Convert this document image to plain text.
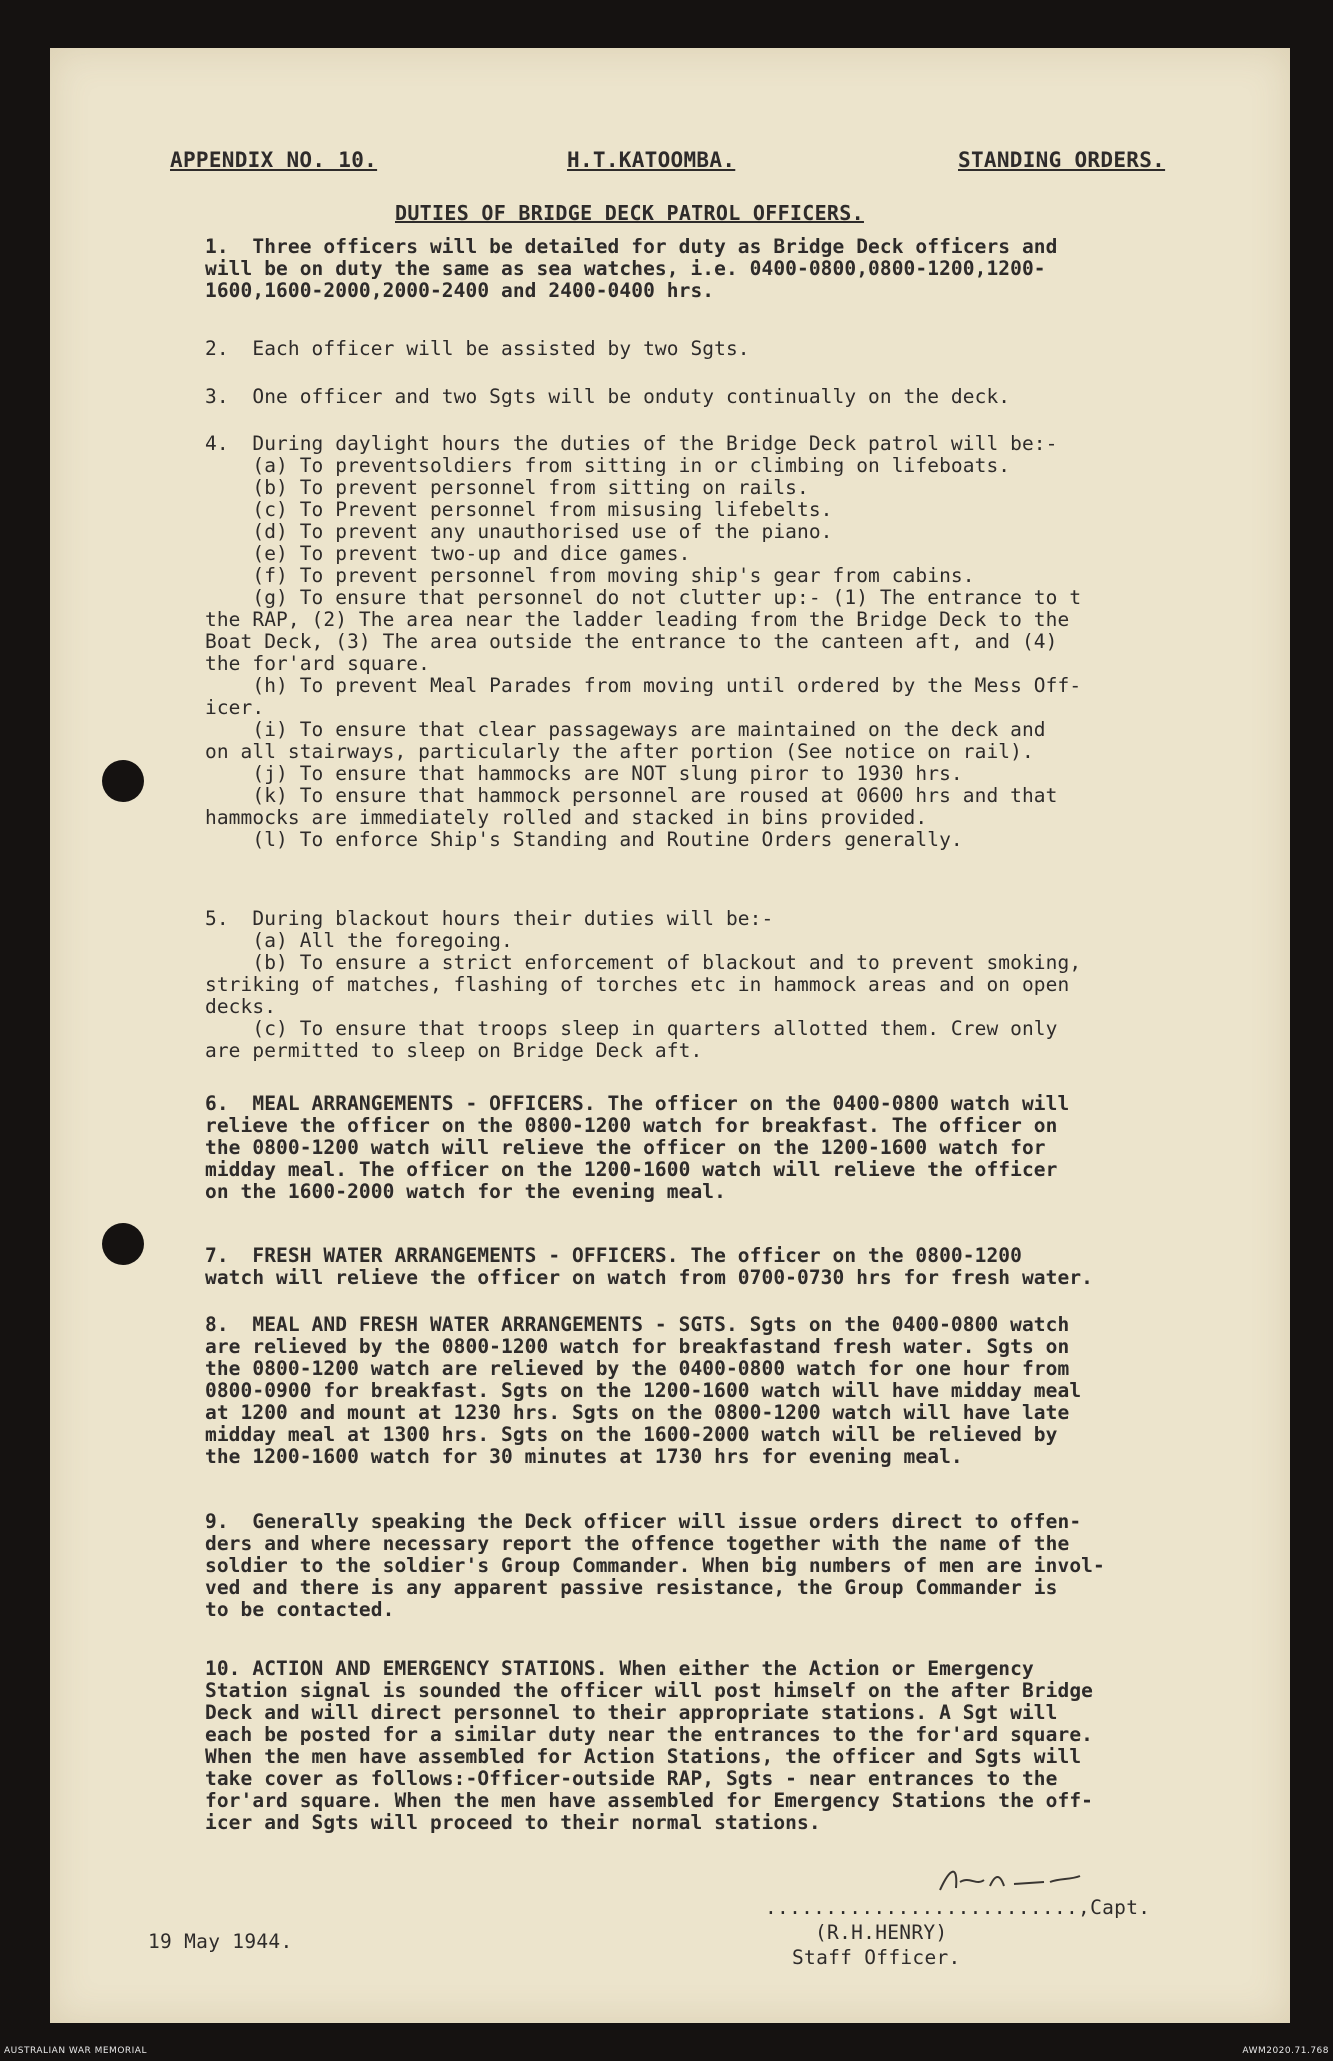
APPENDIX NO. 10.	H.T.KATOOMBA.	STANDING ORDERS.
DUTIES OF BRIDGE DECK PATROL OFFICERS.
1.  Three officers will be detailed for duty as Bridge Deck officers and
will be on duty the same as sea watches, i.e. 0400-0800,0800-1200,1200-
1600,1600-2000,2000-2400 and 2400-0400 hrs.
2.  Each officer will be assisted by two Sgts.
3.  One officer and two Sgts will be onduty continually on the deck.
4.  During daylight hours the duties of the Bridge Deck patrol will be:-
(a) To preventsoldiers from sitting in or climbing on lifeboats.
(b) To prevent personnel from sitting on rails.
(c) To Prevent personnel from misusing lifebelts.
(d) To prevent any unauthorised use of the piano.
(e) To prevent two-up and dice games.
(f) To prevent personnel from moving ship's gear from cabins.
(g) To ensure that personnel do not clutter up:- (1) The entrance to t
the RAP, (2) The area near the ladder leading from the Bridge Deck to the
Boat Deck, (3) The area outside the entrance to the canteen aft, and (4)
the for'ard square.
(h) To prevent Meal Parades from moving until ordered by the Mess Off-
icer.
(i) To ensure that clear passageways are maintained on the deck and
on all stairways, particularly the after portion (See notice on rail).
(j) To ensure that hammocks are NOT slung piror to 1930 hrs.
(k) To ensure that hammock personnel are roused at 0600 hrs and that
hammocks are immediately rolled and stacked in bins provided.
(l) To enforce Ship's Standing and Routine Orders generally.
5.  During blackout hours their duties will be:-
(a) All the foregoing.
(b) To ensure a strict enforcement of blackout and to prevent smoking,
striking of matches, flashing of torches etc in hammock areas and on open
decks.
(c) To ensure that troops sleep in quarters allotted them. Crew only
are permitted to sleep on Bridge Deck aft.
6.  MEAL ARRANGEMENTS - OFFICERS. The officer on the 0400-0800 watch will
relieve the officer on the 0800-1200 watch for breakfast. The officer on
the 0800-1200 watch will relieve the officer on the 1200-1600 watch for
midday meal. The officer on the 1200-1600 watch will relieve the officer
on the 1600-2000 watch for the evening meal.
7.  FRESH WATER ARRANGEMENTS - OFFICERS. The officer on the 0800-1200
watch will relieve the officer on watch from 0700-0730 hrs for fresh water.
8.  MEAL AND FRESH WATER ARRANGEMENTS - SGTS. Sgts on the 0400-0800 watch
are relieved by the 0800-1200 watch for breakfastand fresh water. Sgts on
the 0800-1200 watch are relieved by the 0400-0800 watch for one hour from
0800-0900 for breakfast. Sgts on the 1200-1600 watch will have midday meal
at 1200 and mount at 1230 hrs. Sgts on the 0800-1200 watch will have late
midday meal at 1300 hrs. Sgts on the 1600-2000 watch will be relieved by
the 1200-1600 watch for 30 minutes at 1730 hrs for evening meal.
9.  Generally speaking the Deck officer will issue orders direct to offen-
ders and where necessary report the offence together with the name of the
soldier to the soldier's Group Commander. When big numbers of men are invol-
ved and there is any apparent passive resistance, the Group Commander is
to be contacted.
10. ACTION AND EMERGENCY STATIONS. When either the Action or Emergency
Station signal is sounded the officer will post himself on the after Bridge
Deck and will direct personnel to their appropriate stations. A Sgt will
each be posted for a similar duty near the entrances to the for'ard square.
When the men have assembled for Action Stations, the officer and Sgts will
take cover as follows:-Officer-outside RAP, Sgts - near entrances to the
for'ard square. When the men have assembled for Emergency Stations the off-
icer and Sgts will proceed to their normal stations.
..........................,Capt.
(R.H.HENRY)
Staff Officer.
19 May 1944.
AUSTRALIAN WAR MEMORIAL	AWM2020.71.768
